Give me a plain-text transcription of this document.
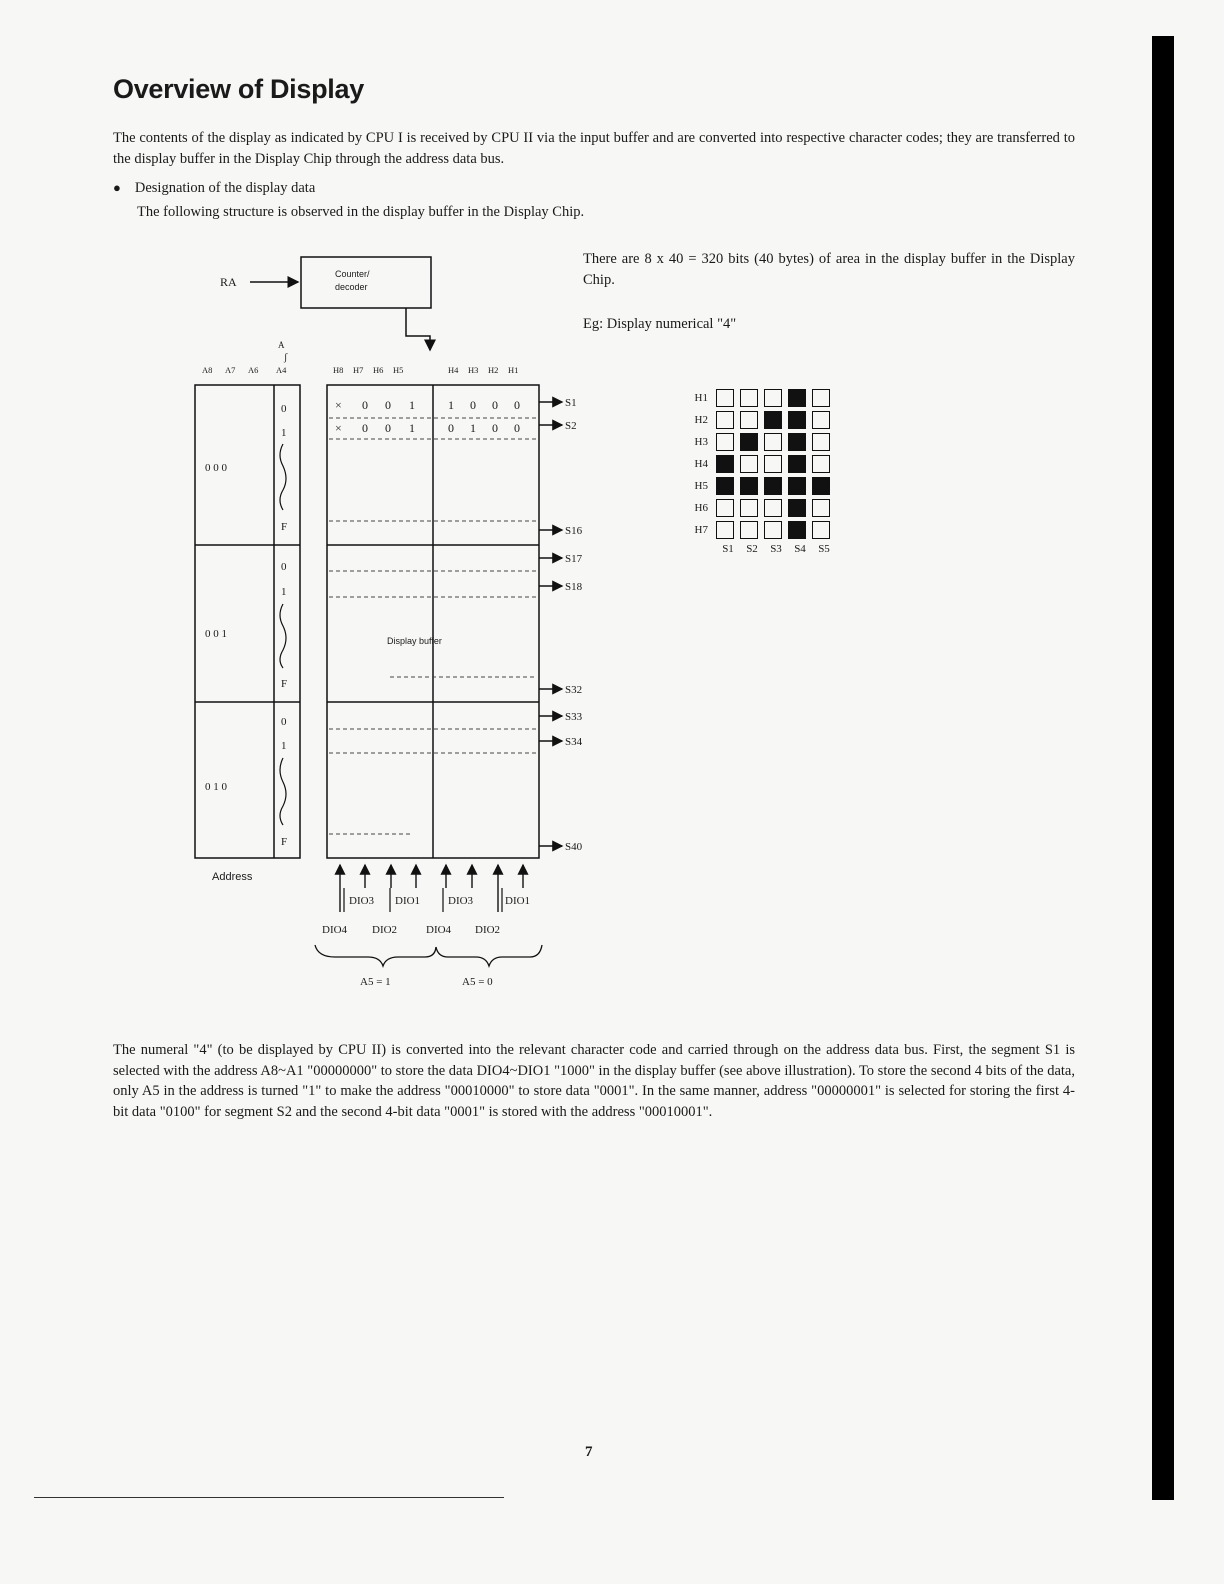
Overview of Display
The contents of the display as indicated by CPU I is received by CPU II via the input buffer and are converted into respective character codes; they are transferred to the display buffer in the Display Chip through the address data bus.
● Designation of the display data
The following structure is observed in the display buffer in the Display Chip.
There are 8 x 40 = 320 bits (40 bytes) of area in the display buffer in the Display Chip.
Eg: Display numerical "4"
RA
Counter/
decoder
A
ʃ
A8 A7 A6 A4	H8 H7 H6 H5	H4 H3 H2 H1
0 0 0
0
1
F
0 0 1
0
1
F
0 1 0
0
1
F
Address
× 0 0 1	1 0 0 0
× 0 0 1	0 1 0 0
Display buffer
S1
S2
S16
S17
S18
S32
S33
S34
S40
DIO3 DIO1	DIO3	DIO1
DIO4 DIO2	DIO4 DIO2
A5 = 1	A5 = 0
H1
H2
H3
H4
H5
H6
H7
S1	S2	S3	S4	S5
The numeral "4" (to be displayed by CPU II) is converted into the relevant character code and carried through on the address data bus. First, the segment S1 is selected with the address A8~A1 "00000000" to store the data DIO4~DIO1 "1000" in the display buffer (see above illustration). To store the second 4 bits of the data, only A5 in the address is turned "1" to make the address "00010000" to store data "0001". In the same manner, address "00000001" is selected for storing the first 4-bit data "0100" for segment S2 and the second 4-bit data "0001" is stored with the address "00010001".
7
